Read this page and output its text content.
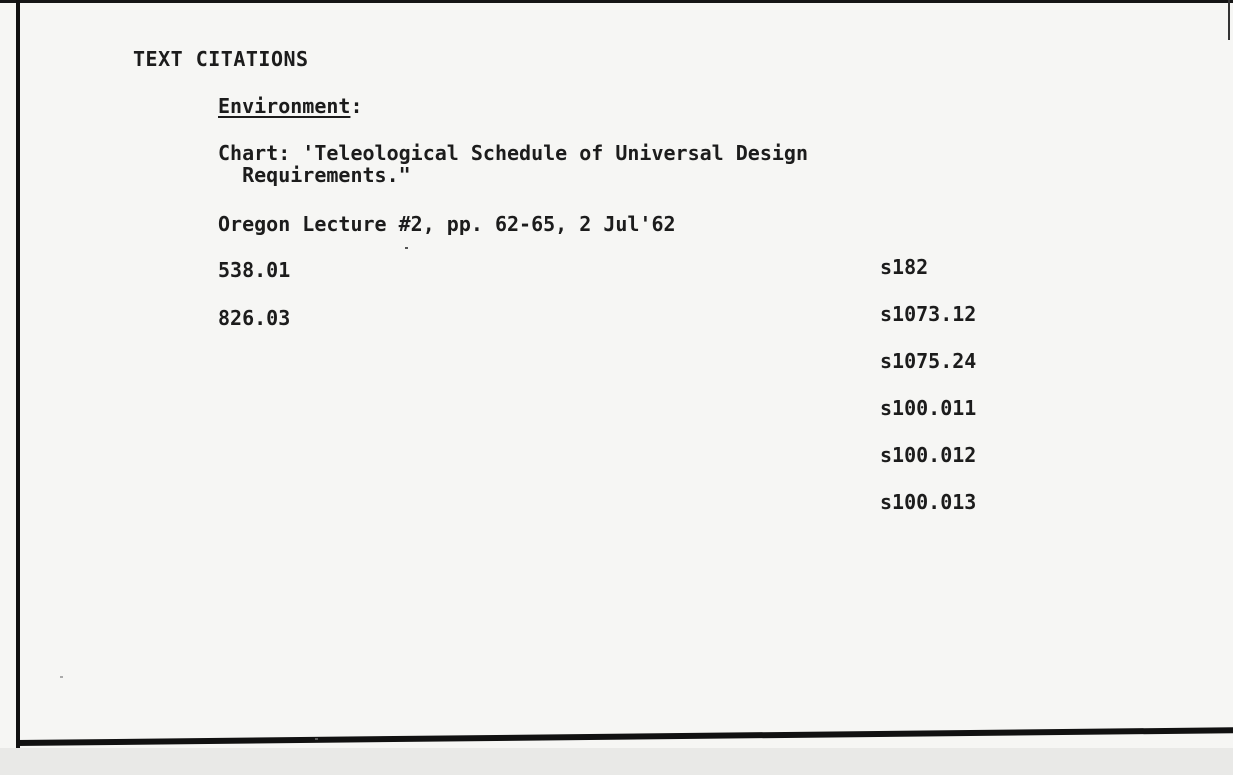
TEXT CITATIONS
Environment:
Chart: 'Teleological Schedule of Universal Design
Requirements."
Oregon Lecture #2, pp. 62-65, 2 Jul'62
538.01
826.03
s182
s1073.12
s1075.24
s100.011
s100.012
s100.013
